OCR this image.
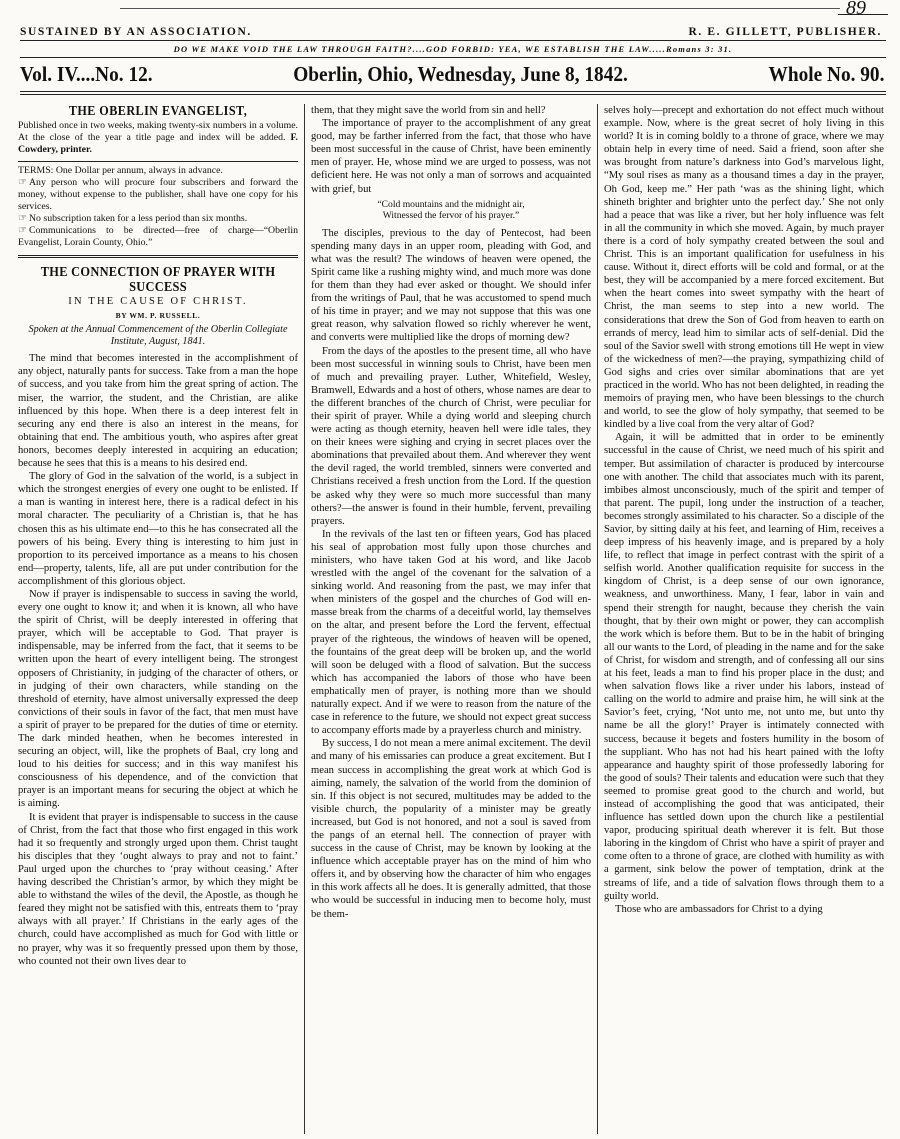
89
SUSTAINED BY AN ASSOCIATION.	R. E. GILLETT, PUBLISHER.
DO WE MAKE VOID THE LAW THROUGH FAITH?....GOD FORBID: YEA, WE ESTABLISH THE LAW.....Romans 3: 31.
Vol. IV....No. 12.	Oberlin, Ohio, Wednesday, June 8, 1842.	Whole No. 90.
THE OBERLIN EVANGELIST,

Published once in two weeks, making twenty-six numbers in a volume. At the close of the year a title page and index will be added. F. Cowdery, printer.

TERMS: One Dollar per annum, always in advance.

☞ Any person who will procure four subscribers and forward the money, without expense to the publisher, shall have one copy for his services.

☞ No subscription taken for a less period than six months.

☞ Communications to be directed—free of charge—“Oberlin Evangelist, Lorain County, Ohio.”

THE CONNECTION OF PRAYER WITH SUCCESS
IN THE CAUSE OF CHRIST.
BY WM. P. RUSSELL.
Spoken at the Annual Commencement of the Oberlin Collegiate Institute, August, 1841.

The mind that becomes interested in the accomplishment of any object, naturally pants for success. Take from a man the hope of success, and you take from him the great spring of action. The miser, the warrior, the student, and the Christian, are alike influenced by this hope. When there is a deep interest felt in securing any end there is also an interest in the means, for obtaining that end. The ambitious youth, who aspires after great honors, becomes deeply interested in acquiring an education; because he sees that this is a means to his desired end.

The glory of God in the salvation of the world, is a subject in which the strongest energies of every one ought to be enlisted. If a man is wanting in interest here, there is a radical defect in his moral character. The peculiarity of a Christian is, that he has chosen this as his ultimate end—to this he has consecrated all the powers of his being. Every thing is interesting to him just in proportion to its perceived importance as a means to his chosen end—property, talents, life, all are put under contribution for the accomplishment of this glorious object.

Now if prayer is indispensable to success in saving the world, every one ought to know it; and when it is known, all who have the spirit of Christ, will be deeply interested in offering that prayer, which will be acceptable to God. That prayer is indispensable, may be inferred from the fact, that it seems to be written upon the heart of every intelligent being. The strongest opposers of Christianity, in judging of the character of others, or in judging of their own characters, while standing on the threshold of eternity, have almost universally expressed the deep convictions of their souls in favor of the fact, that men must have a spirit of prayer to be prepared for the duties of time or eternity. The dark minded heathen, when he becomes interested in securing an object, will, like the prophets of Baal, cry long and loud to his deities for success; and in this way manifest his consciousness of his dependence, and of the conviction that prayer is an important means for securing the object at which he is aiming.

It is evident that prayer is indispensable to success in the cause of Christ, from the fact that those who first engaged in this work had it so frequently and strongly urged upon them. Christ taught his disciples that they ‘ought always to pray and not to faint.’ Paul urged upon the churches to ‘pray without ceasing.’ After having described the Christian’s armor, by which they might be able to withstand the wiles of the devil, the Apostle, as though he feared they might not be satisfied with this, entreats them to ‘pray always with all prayer.’ If Christians in the early ages of the church, could have accomplished as much for God with little or no prayer, why was it so frequently pressed upon them by those, who counted not their own lives dear to

them, that they might save the world from sin and hell?

The importance of prayer to the accomplishment of any great good, may be farther inferred from the fact, that those who have been most successful in the cause of Christ, have been eminently men of prayer. He, whose mind we are urged to possess, was not deficient here. He was not only a man of sorrows and acquainted with grief, but

“Cold mountains and the midnight air,
Witnessed the fervor of his prayer.”

The disciples, previous to the day of Pentecost, had been spending many days in an upper room, pleading with God, and what was the result? The windows of heaven were opened, the Spirit came like a rushing mighty wind, and much more was done for them than they had ever asked or thought. We should infer from the writings of Paul, that he was accustomed to spend much of his time in prayer; and we may not suppose that this was one great reason, why salvation flowed so richly wherever he went, and converts were multiplied like the drops of morning dew?

From the days of the apostles to the present time, all who have been most successful in winning souls to Christ, have been men of much and prevailing prayer. Luther, Whitefield, Wesley, Bramwell, Edwards and a host of others, whose names are dear to the different branches of the church of Christ, were peculiar for their spirit of prayer. While a dying world and sleeping church were acting as though eternity, heaven hell were idle tales, they on their knees were sighing and crying in secret places over the abominations that prevailed about them. And wherever they went the devil raged, the world trembled, sinners were converted and Christians received a fresh unction from the Lord. If the question be asked why they were so much more successful than many others?—the answer is found in their humble, fervent, prevailing prayers.

In the revivals of the last ten or fifteen years, God has placed his seal of approbation most fully upon those churches and ministers, who have taken God at his word, and like Jacob wrestled with the angel of the covenant for the salvation of a sinking world. And reasoning from the past, we may infer that when ministers of the gospel and the churches of God will en-masse break from the charms of a deceitful world, lay themselves on the altar, and present before the Lord the fervent, effectual prayer of the righteous, the windows of heaven will be opened, the fountains of the great deep will be broken up, and the world will soon be deluged with a flood of salvation. But the success which has accompanied the labors of those who have been emphatically men of prayer, is nothing more than we should naturally expect. And if we were to reason from the nature of the case in reference to the future, we should not expect great success to accompany efforts made by a prayerless church and ministry.

By success, I do not mean a mere animal excitement. The devil and many of his emissaries can produce a great excitement. But I mean success in accomplishing the great work at which God is aiming, namely, the salvation of the world from the dominion of sin. If this object is not secured, multitudes may be added to the visible church, the popularity of a minister may be greatly increased, but God is not honored, and not a soul is saved from the pangs of an eternal hell. The connection of prayer with success in the cause of Christ, may be known by looking at the influence which acceptable prayer has on the mind of him who offers it, and by observing how the character of him who engages in this work affects all he does. It is generally admitted, that those who would be successful in inducing men to become holy, must be them-

selves holy—precept and exhortation do not effect much without example. Now, where is the great secret of holy living in this world? It is in coming boldly to a throne of grace, where we may obtain help in every time of need. Said a friend, soon after she was brought from nature’s darkness into God’s marvelous light, “My soul rises as many as a thousand times a day in the prayer, Oh God, keep me.” Her path ‘was as the shining light, which shineth brighter and brighter unto the perfect day.’ She not only had a peace that was like a river, but her holy influence was felt in all the community in which she moved. Again, by much prayer there is a cord of holy sympathy created between the soul and Christ. This is an important qualification for usefulness in his cause. Without it, direct efforts will be cold and formal, or at the best, they will be accompanied by a mere forced excitement. But when the heart comes into sweet sympathy with the heart of Christ, the man seems to step into a new world. The considerations that drew the Son of God from heaven to earth on errands of mercy, lead him to similar acts of self-denial. Did the soul of the Savior swell with strong emotions till He wept in view of the wickedness of men?—the praying, sympathizing child of God sighs and cries over similar abominations that are yet practiced in the world. Who has not been delighted, in reading the memoirs of praying men, who have been blessings to the church and world, to see the glow of holy sympathy, that seemed to be kindled by a live coal from the very altar of God?

Again, it will be admitted that in order to be eminently successful in the cause of Christ, we need much of his spirit and temper. But assimilation of character is produced by intercourse one with another. The child that associates much with its parent, imbibes almost unconsciously, much of the spirit and temper of that parent. The pupil, long under the instruction of a teacher, becomes strongly assimilated to his character. So a disciple of the Savior, by sitting daily at his feet, and learning of Him, receives a deep impress of his heavenly image, and is prepared by a holy life, to reflect that image in perfect contrast with the spirit of a selfish world. Another qualification requisite for success in the kingdom of Christ, is a deep sense of our own ignorance, weakness, and unworthiness. Many, I fear, labor in vain and spend their strength for naught, because they cherish the vain thought, that by their own might or power, they can accomplish the work which is before them. But to be in the habit of bringing all our wants to the Lord, of pleading in the name and for the sake of Christ, for wisdom and strength, and of confessing all our sins at his feet, leads a man to find his proper place in the dust; and when salvation flows like a river under his labors, instead of calling on the world to admire and praise him, he will sink at the Savior’s feet, crying, ‘Not unto me, not unto me, but unto thy name be all the glory!’ Prayer is intimately connected with success, because it begets and fosters humility in the bosom of the suppliant. Who has not had his heart pained with the lofty appearance and haughty spirit of those professedly laboring for the good of souls? Their talents and education were such that they seemed to promise great good to the church and world, but instead of accomplishing the good that was anticipated, their influence has settled down upon the church like a pestilential vapor, producing spiritual death wherever it is felt. But those laboring in the kingdom of Christ who have a spirit of prayer and come often to a throne of grace, are clothed with humility as with a garment, sink below the power of temptation, drink at the streams of life, and a tide of salvation flows through them to a guilty world.

Those who are ambassadors for Christ to a dying
